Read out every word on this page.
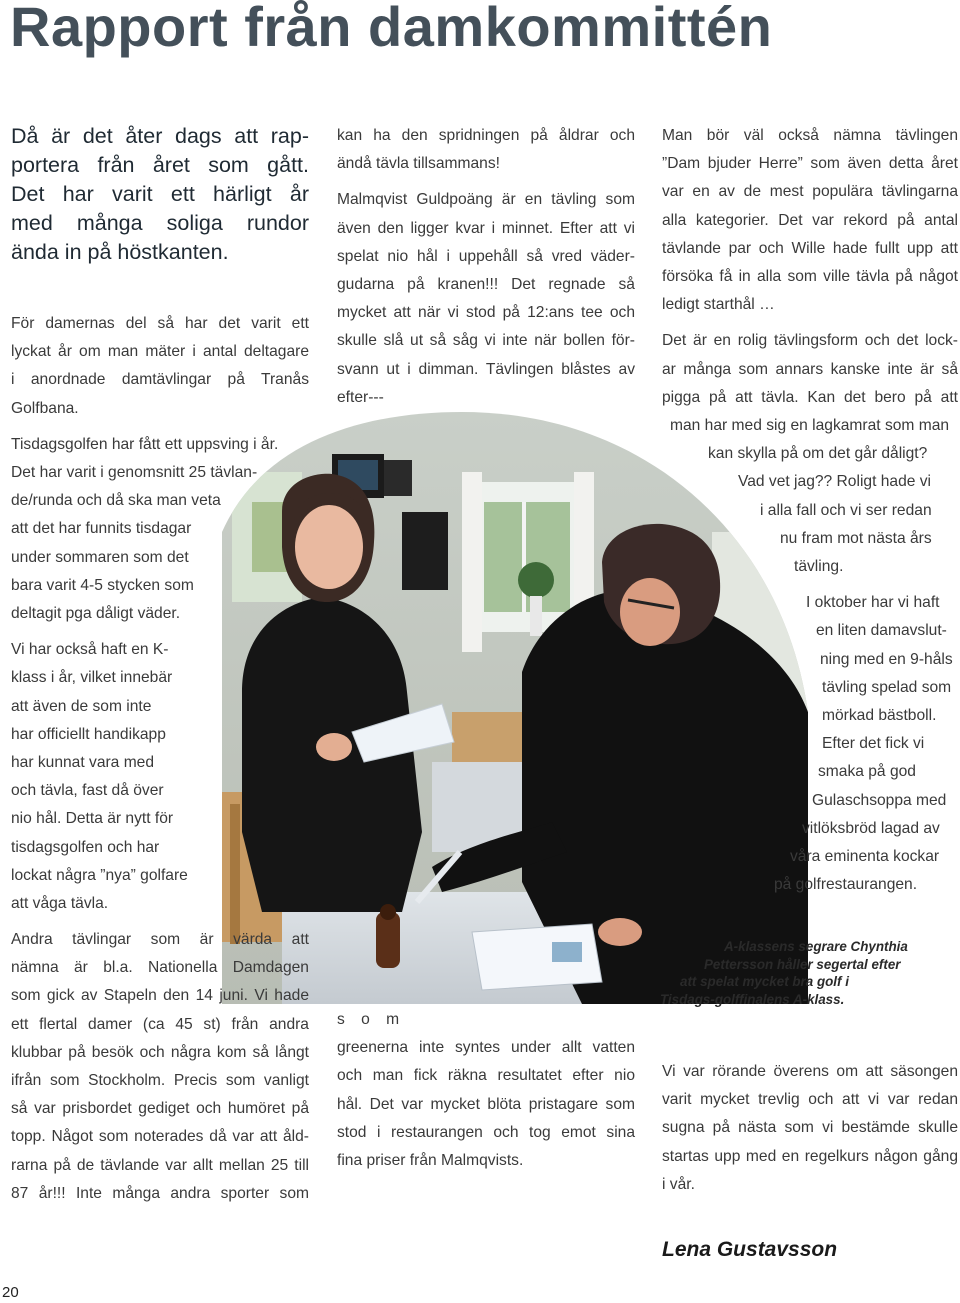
Rapport från damkommittén
Då är det åter dags att rap-
portera från året som gått.
Det har varit ett härligt år
med många soliga rundor
ända in på höstkanten.
För damernas del så har det varit ett
lyckat år om man mäter i antal deltagare
i anordnade damtävlingar på Tranås
Golfbana.
Tisdagsgolfen har fått ett uppsving i år.
Det har varit i genomsnitt 25 tävlan-
de/runda och då ska man veta
att det har funnits tisdagar
under sommaren som det
bara varit 4-5 stycken som
deltagit pga dåligt väder.
Vi har också haft en K-
klass i år, vilket innebär
att även de som inte
har officiellt handikapp
har kunnat vara med
och tävla, fast då över
nio hål. Detta är nytt för
tisdagsgolfen och har
lockat några ”nya” golfare
att våga tävla.
Andra tävlingar som är värda att
nämna är bl.a. Nationella Damdagen
som gick av Stapeln den 14 juni. Vi hade
ett flertal damer (ca 45 st) från andra
klubbar på besök och några kom så långt
ifrån som Stockholm. Precis som vanligt
så var prisbordet gediget och humöret på
topp. Något som noterades då var att åld-
rarna på de tävlande var allt mellan 25 till
87 år!!! Inte många andra sporter som
kan ha den spridningen på åldrar och
ändå tävla tillsammans!
Malmqvist Guldpoäng är en tävling som
även den ligger kvar i minnet. Efter att vi
spelat nio hål i uppehåll så vred väder-
gudarna på kranen!!! Det regnade så
mycket att när vi stod på 12:ans tee och
skulle slå ut så såg vi inte när bollen för-
svann ut i dimman. Tävlingen blåstes av
efter---
s o m
greenerna inte syntes under allt vatten
och man fick räkna resultatet efter nio
hål. Det var mycket blöta pristagare som
stod i restaurangen och tog emot sina
fina priser från Malmqvists.
Man bör väl också nämna tävlingen
”Dam bjuder Herre” som även detta året
var en av de mest populära tävlingarna
alla kategorier. Det var rekord på antal
tävlande par och Wille hade fullt upp att
försöka få in alla som ville tävla på något
ledigt starthål …
Det är en rolig tävlingsform och det lock-
ar många som annars kanske inte är så
pigga på att tävla. Kan det bero på att
man har med sig en lagkamrat som man
kan skylla på om det går dåligt?
Vad vet jag?? Roligt hade vi
i alla fall och vi ser redan
nu fram mot nästa års
tävling.
I oktober har vi haft
en liten damavslut-
ning med en 9-håls
tävling spelad som
mörkad bästboll.
Efter det fick vi
smaka på god
Gulaschsoppa med
vitlöksbröd lagad av
våra eminenta kockar
på golfrestaurangen.
A-klassens segrare Chynthia
Pettersson håller segertal efter
att spelat mycket bra golf i
Tisdags-golffinalens A-klass.
Vi var rörande överens om att säsongen
varit mycket trevlig och att vi var redan
sugna på nästa som vi bestämde skulle
startas upp med en regelkurs någon gång
i vår.
Lena Gustavsson
20
